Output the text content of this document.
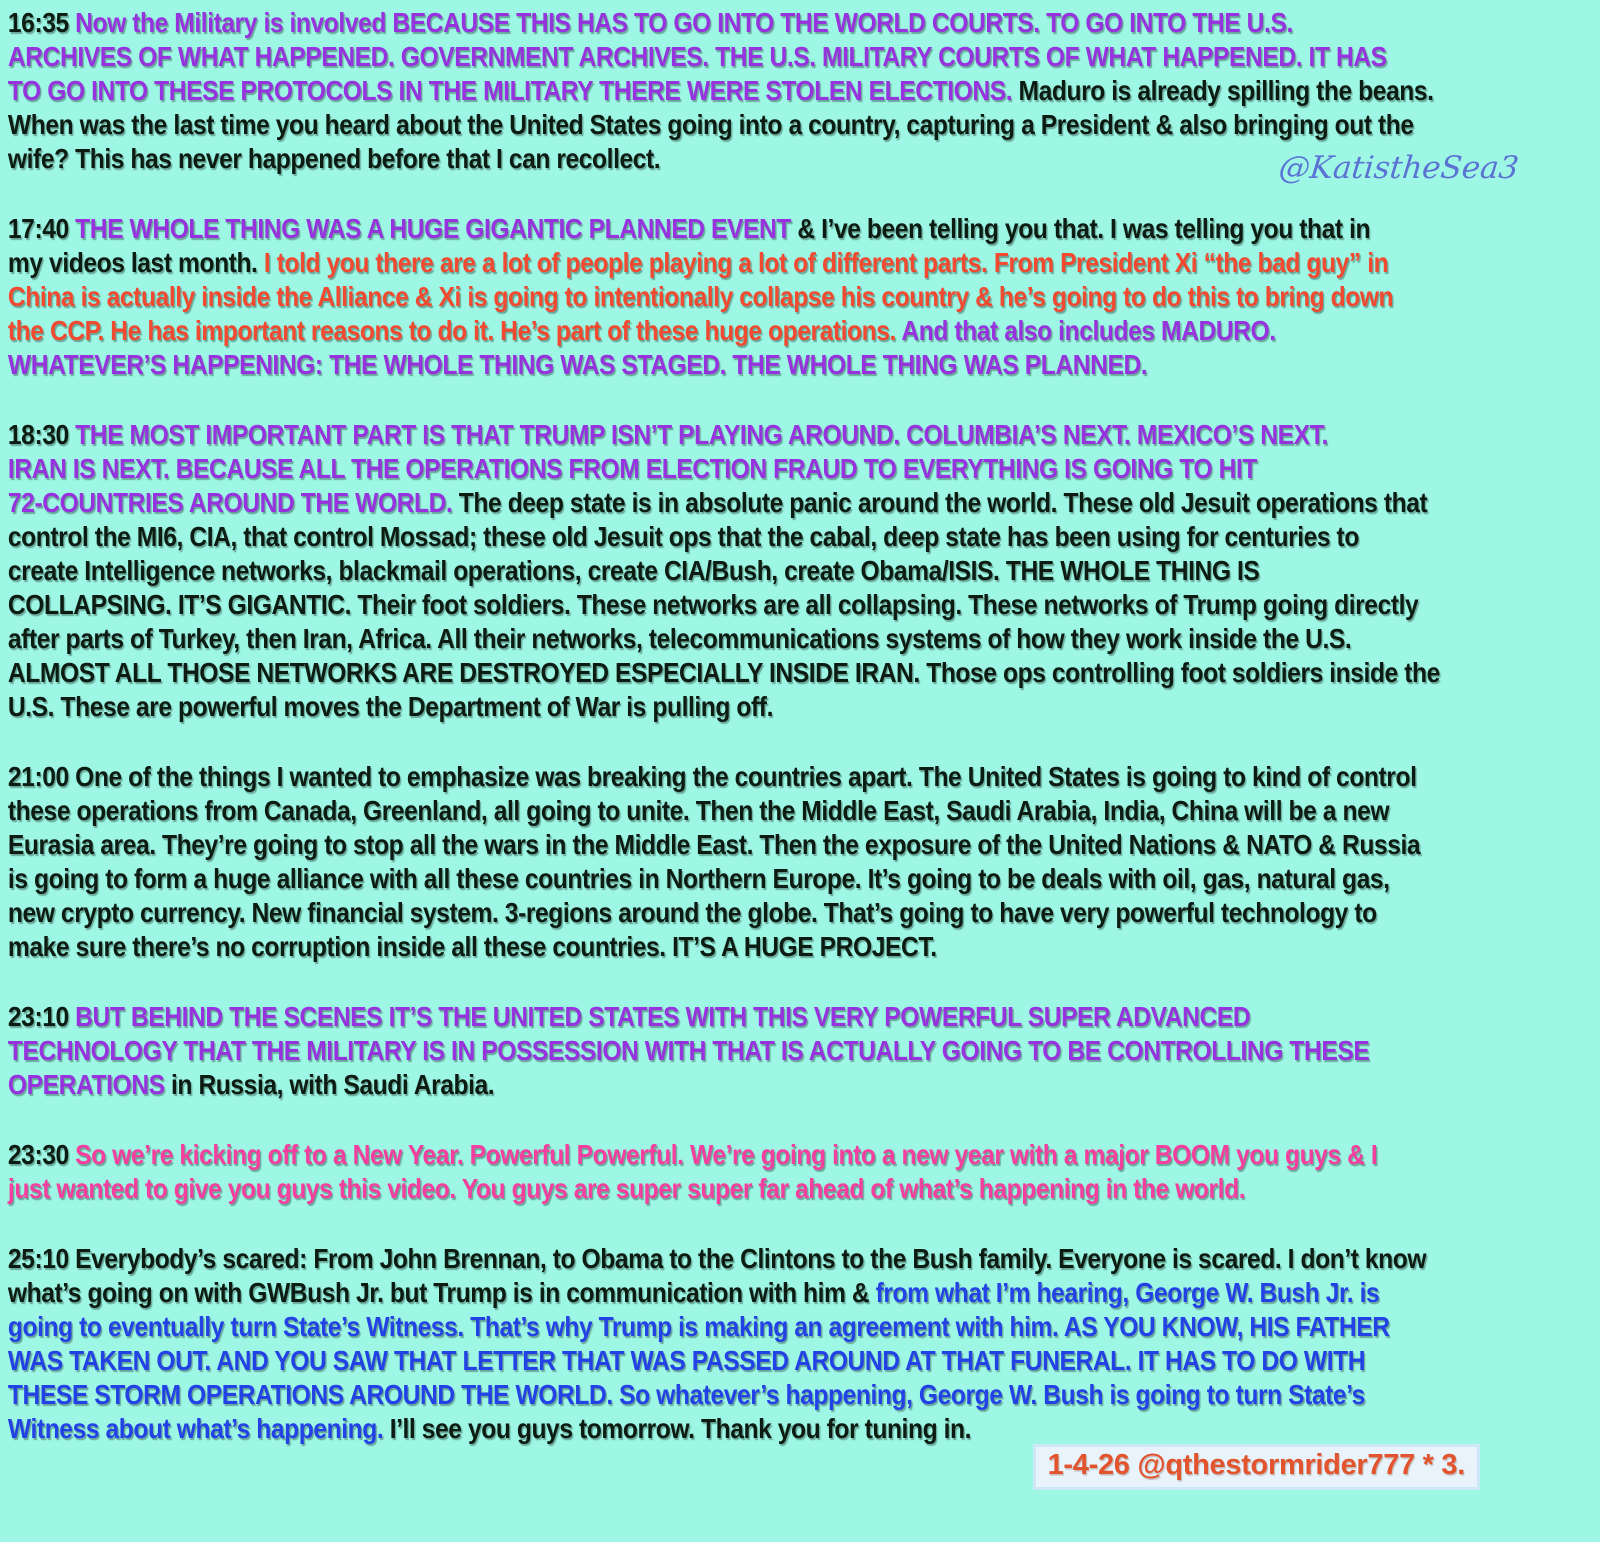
16:35 Now the Military is involved BECAUSE THIS HAS TO GO INTO THE WORLD COURTS. TO GO INTO THE U.S.
ARCHIVES OF WHAT HAPPENED. GOVERNMENT ARCHIVES. THE U.S. MILITARY COURTS OF WHAT HAPPENED. IT HAS
TO GO INTO THESE PROTOCOLS IN THE MILITARY THERE WERE STOLEN ELECTIONS. Maduro is already spilling the beans.
When was the last time you heard about the United States going into a country, capturing a President & also bringing out the
wife? This has never happened before that I can recollect.
17:40 THE WHOLE THING WAS A HUGE GIGANTIC PLANNED EVENT & I’ve been telling you that. I was telling you that in
my videos last month. I told you there are a lot of people playing a lot of different parts. From President Xi “the bad guy” in
China is actually inside the Alliance & Xi is going to intentionally collapse his country & he’s going to do this to bring down
the CCP. He has important reasons to do it. He’s part of these huge operations. And that also includes MADURO.
WHATEVER’S HAPPENING: THE WHOLE THING WAS STAGED. THE WHOLE THING WAS PLANNED.
18:30 THE MOST IMPORTANT PART IS THAT TRUMP ISN’T PLAYING AROUND. COLUMBIA’S NEXT. MEXICO’S NEXT.
IRAN IS NEXT. BECAUSE ALL THE OPERATIONS FROM ELECTION FRAUD TO EVERYTHING IS GOING TO HIT
72-COUNTRIES AROUND THE WORLD. The deep state is in absolute panic around the world. These old Jesuit operations that
control the MI6, CIA, that control Mossad; these old Jesuit ops that the cabal, deep state has been using for centuries to
create Intelligence networks, blackmail operations, create CIA/Bush, create Obama/ISIS. THE WHOLE THING IS
COLLAPSING. IT’S GIGANTIC. Their foot soldiers. These networks are all collapsing. These networks of Trump going directly
after parts of Turkey, then Iran, Africa. All their networks, telecommunications systems of how they work inside the U.S.
ALMOST ALL THOSE NETWORKS ARE DESTROYED ESPECIALLY INSIDE IRAN. Those ops controlling foot soldiers inside the
U.S. These are powerful moves the Department of War is pulling off.
21:00 One of the things I wanted to emphasize was breaking the countries apart. The United States is going to kind of control
these operations from Canada, Greenland, all going to unite. Then the Middle East, Saudi Arabia, India, China will be a new
Eurasia area. They’re going to stop all the wars in the Middle East. Then the exposure of the United Nations & NATO & Russia
is going to form a huge alliance with all these countries in Northern Europe. It’s going to be deals with oil, gas, natural gas,
new crypto currency. New financial system. 3-regions around the globe. That’s going to have very powerful technology to
make sure there’s no corruption inside all these countries. IT’S A HUGE PROJECT.
23:10 BUT BEHIND THE SCENES IT’S THE UNITED STATES WITH THIS VERY POWERFUL SUPER ADVANCED
TECHNOLOGY THAT THE MILITARY IS IN POSSESSION WITH THAT IS ACTUALLY GOING TO BE CONTROLLING THESE
OPERATIONS in Russia, with Saudi Arabia.
23:30 So we’re kicking off to a New Year. Powerful Powerful. We’re going into a new year with a major BOOM you guys & I
just wanted to give you guys this video. You guys are super super far ahead of what’s happening in the world.
25:10 Everybody’s scared: From John Brennan, to Obama to the Clintons to the Bush family. Everyone is scared. I don’t know
what’s going on with GWBush Jr. but Trump is in communication with him & from what I’m hearing, George W. Bush Jr. is
going to eventually turn State’s Witness. That’s why Trump is making an agreement with him. AS YOU KNOW, HIS FATHER
WAS TAKEN OUT. AND YOU SAW THAT LETTER THAT WAS PASSED AROUND AT THAT FUNERAL. IT HAS TO DO WITH
THESE STORM OPERATIONS AROUND THE WORLD. So whatever’s happening, George W. Bush is going to turn State’s
Witness about what’s happening. I’ll see you guys tomorrow. Thank you for tuning in.
@KatistheSea3
1-4-26 @qthestormrider777 * 3.
